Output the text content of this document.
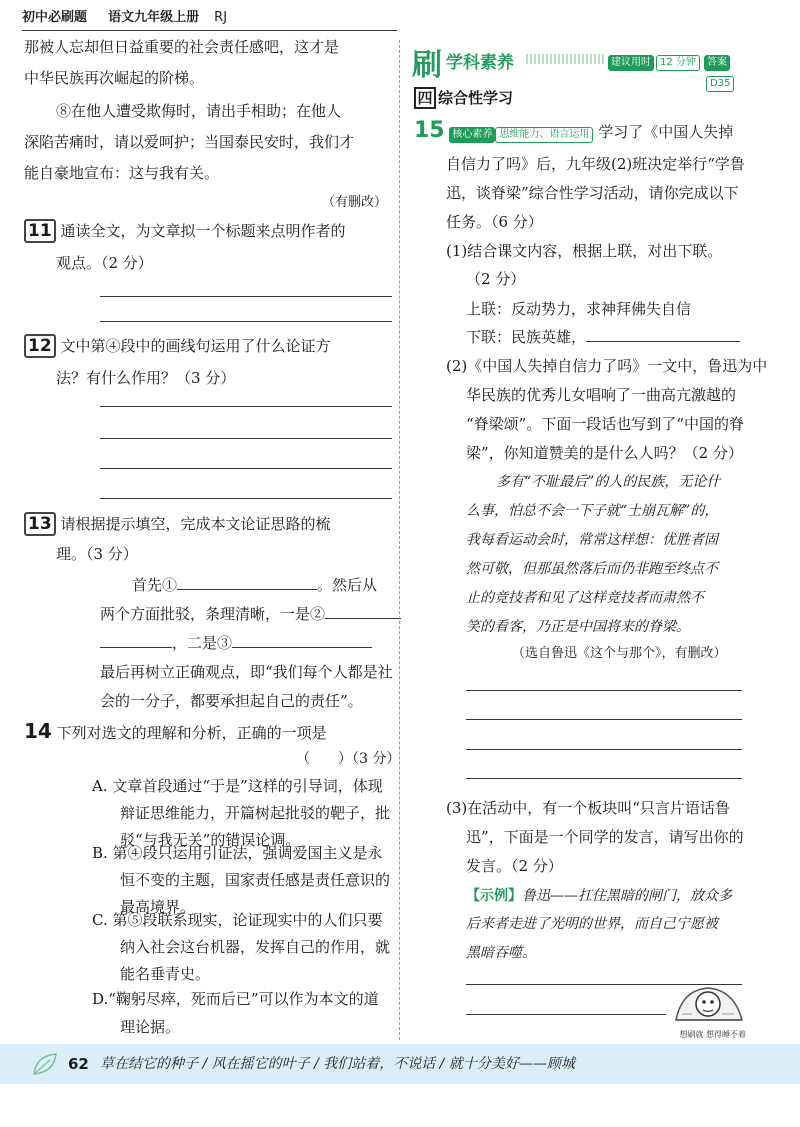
初中必刷题 语文九年级上册 RJ
那被人忘却但日益重要的社会责任感吧，这才是
中华民族再次崛起的阶梯。
⑧在他人遭受欺侮时，请出手相助；在他人
深陷苦痛时，请以爱呵护；当国泰民安时，我们才
能自豪地宣布：这与我有关。
（有删改）
11 通读全文，为文章拟一个标题来点明作者的
观点。（2 分）
12 文中第④段中的画线句运用了什么论证方
法？有什么作用？（3 分）
13 请根据提示填空，完成本文论证思路的梳
理。（3 分）
首先①	。然后从
两个方面批驳，条理清晰，一是②
，二是③
最后再树立正确观点，即“我们每个人都是社
会的一分子，都要承担起自己的责任”。
14 下列对选文的理解和分析，正确的一项是
（　　）（3 分）
A. 文章首段通过“于是”这样的引导词，体现
辩证思维能力，开篇树起批驳的靶子，批
驳“与我无关”的错误论调。
B. 第④段只运用引证法，强调爱国主义是永
恒不变的主题，国家责任感是责任意识的
最高境界。
C. 第⑤段联系现实，论证现实中的人们只要
纳入社会这台机器，发挥自己的作用，就
能名垂青史。
刷 学科素养	建议用时 12 分钟	答案D35
四 综合性学习
15 核心素养 思维能力、语言运用 学习了《中国人失掉
自信力了吗》后，九年级(2)班决定举行“学鲁
迅，谈脊梁”综合性学习活动，请你完成以下
任务。（6 分）
(1)结合课文内容，根据上联，对出下联。
（2 分）
上联：反动势力，求神拜佛失自信
下联：民族英雄，
(2)《中国人失掉自信力了吗》一文中，鲁迅为中
华民族的优秀儿女唱响了一曲高亢激越的
“脊梁颂”。下面一段话也写到了“中国的脊
梁”，你知道赞美的是什么人吗？（2 分）
多有“不耻最后”的人的民族，无论什
么事，怕总不会一下子就“土崩瓦解”的，
我每看运动会时，常常这样想：优胜者固
然可敬，但那虽然落后而仍非跑至终点不
止的竞技者和见了这样竞技者而肃然不
笑的看客，乃正是中国将来的脊梁。
（选自鲁迅《这个与那个》，有删改）
(3)在活动中，有一个板块叫“只言片语话鲁
迅”，下面是一个同学的发言，请写出你的
发言。（2 分）
【示例】鲁迅——扛住黑暗的闸门，放众多
后来者走进了光明的世界，而自己宁愿被
黑暗吞噬。
想刷就 想得睡不着
62 草在结它的种子 / 风在摇它的叶子 / 我们站着，不说话 / 就十分美好——顾城
D.“鞠躬尽瘁，死而后已”可以作为本文的道
理论据。
